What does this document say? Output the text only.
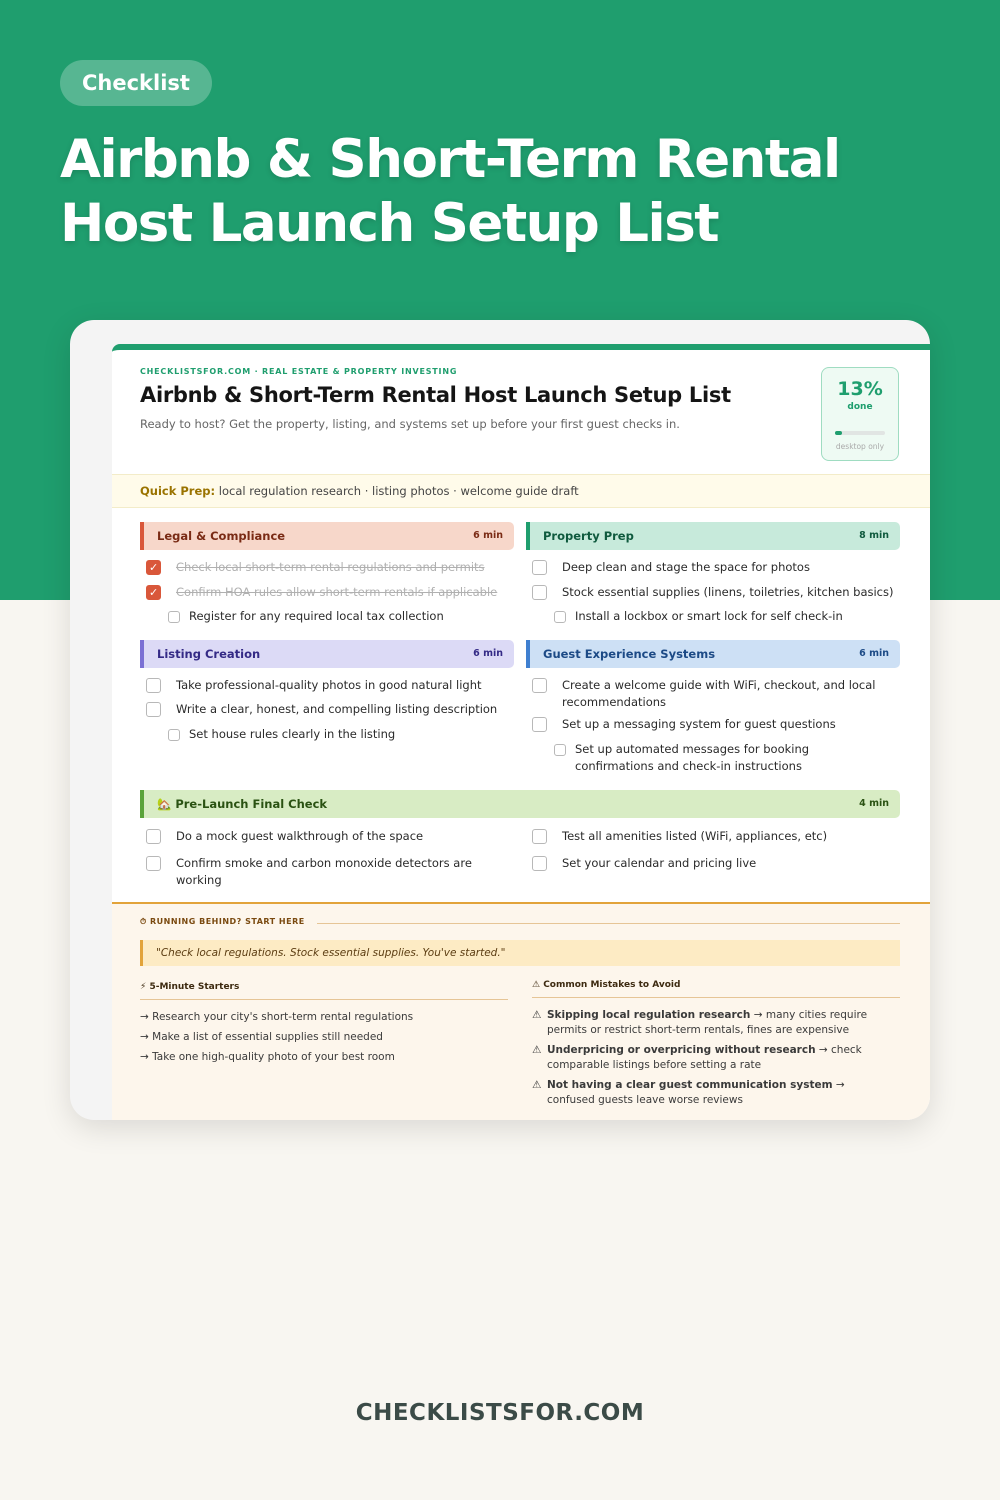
Checklist
Airbnb & Short-Term Rental
Host Launch Setup List
CHECKLISTSFOR.COM · REAL ESTATE & PROPERTY INVESTING
Airbnb & Short-Term Rental Host Launch Setup List
Ready to host? Get the property, listing, and systems set up before your first guest checks in.
13%
done
desktop only
Quick Prep: local regulation research · listing photos · welcome guide draft
Legal & Compliance	6 min
✓
Check local short-term rental regulations and permits
✓
Confirm HOA rules allow short-term rentals if applicable
Register for any required local tax collection
Property Prep	8 min
Deep clean and stage the space for photos
Stock essential supplies (linens, toiletries, kitchen basics)
Install a lockbox or smart lock for self check-in
Listing Creation	6 min
Take professional-quality photos in good natural light
Write a clear, honest, and compelling listing description
Set house rules clearly in the listing
Guest Experience Systems	6 min
Create a welcome guide with WiFi, checkout, and local recommendations
Set up a messaging system for guest questions
Set up automated messages for booking confirmations and check-in instructions
🏡 Pre-Launch Final Check	4 min
Do a mock guest walkthrough of the space
Confirm smoke and carbon monoxide detectors are working
Test all amenities listed (WiFi, appliances, etc)
Set your calendar and pricing live
⏱ RUNNING BEHIND? START HERE
"Check local regulations. Stock essential supplies. You've started."
⚡ 5-Minute Starters
→ Research your city's short-term rental regulations
→ Make a list of essential supplies still needed
→ Take one high-quality photo of your best room
⚠ Common Mistakes to Avoid
⚠ Skipping local regulation research → many cities require permits or restrict short-term rentals, fines are expensive
⚠ Underpricing or overpricing without research → check comparable listings before setting a rate
⚠ Not having a clear guest communication system → confused guests leave worse reviews
CHECKLISTSFOR.COM
